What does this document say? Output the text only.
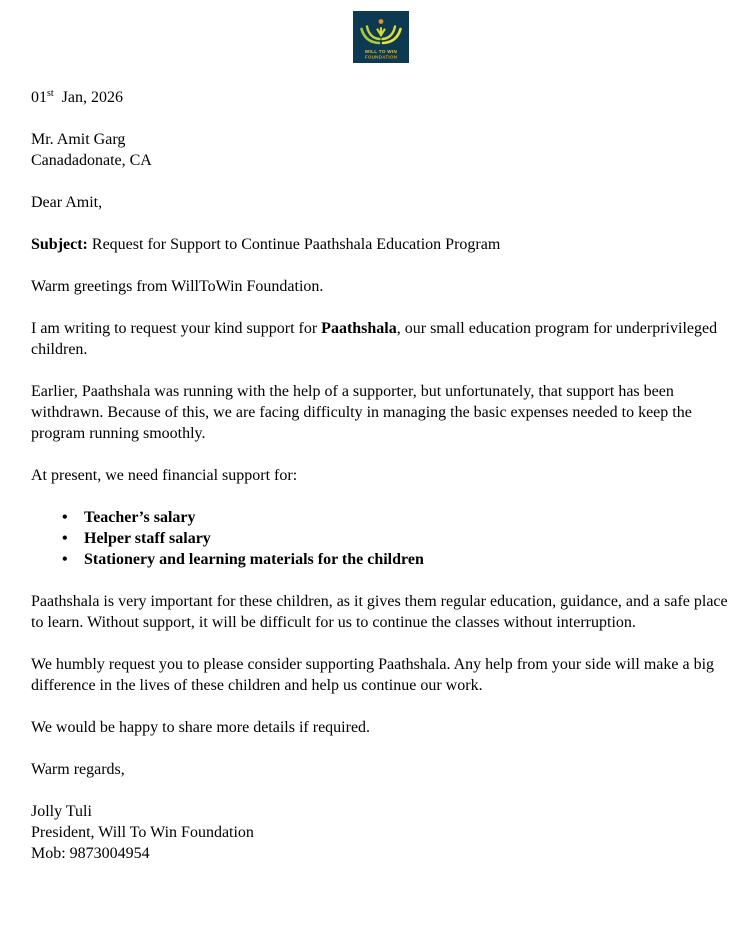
WILL TO WIN
FOUNDATION

01st Jan, 2026

Mr. Amit Garg
Canadadonate, CA

Dear Amit,

Subject: Request for Support to Continue Paathshala Education Program

Warm greetings from WillToWin Foundation.

I am writing to request your kind support for Paathshala, our small education program for underprivileged children.

Earlier, Paathshala was running with the help of a supporter, but unfortunately, that support has been withdrawn. Because of this, we are facing difficulty in managing the basic expenses needed to keep the program running smoothly.

At present, we need financial support for:

• Teacher’s salary
• Helper staff salary
• Stationery and learning materials for the children

Paathshala is very important for these children, as it gives them regular education, guidance, and a safe place to learn. Without support, it will be difficult for us to continue the classes without interruption.

We humbly request you to please consider supporting Paathshala. Any help from your side will make a big difference in the lives of these children and help us continue our work.

We would be happy to share more details if required.

Warm regards,

Jolly Tuli
President, Will To Win Foundation
Mob: 9873004954
